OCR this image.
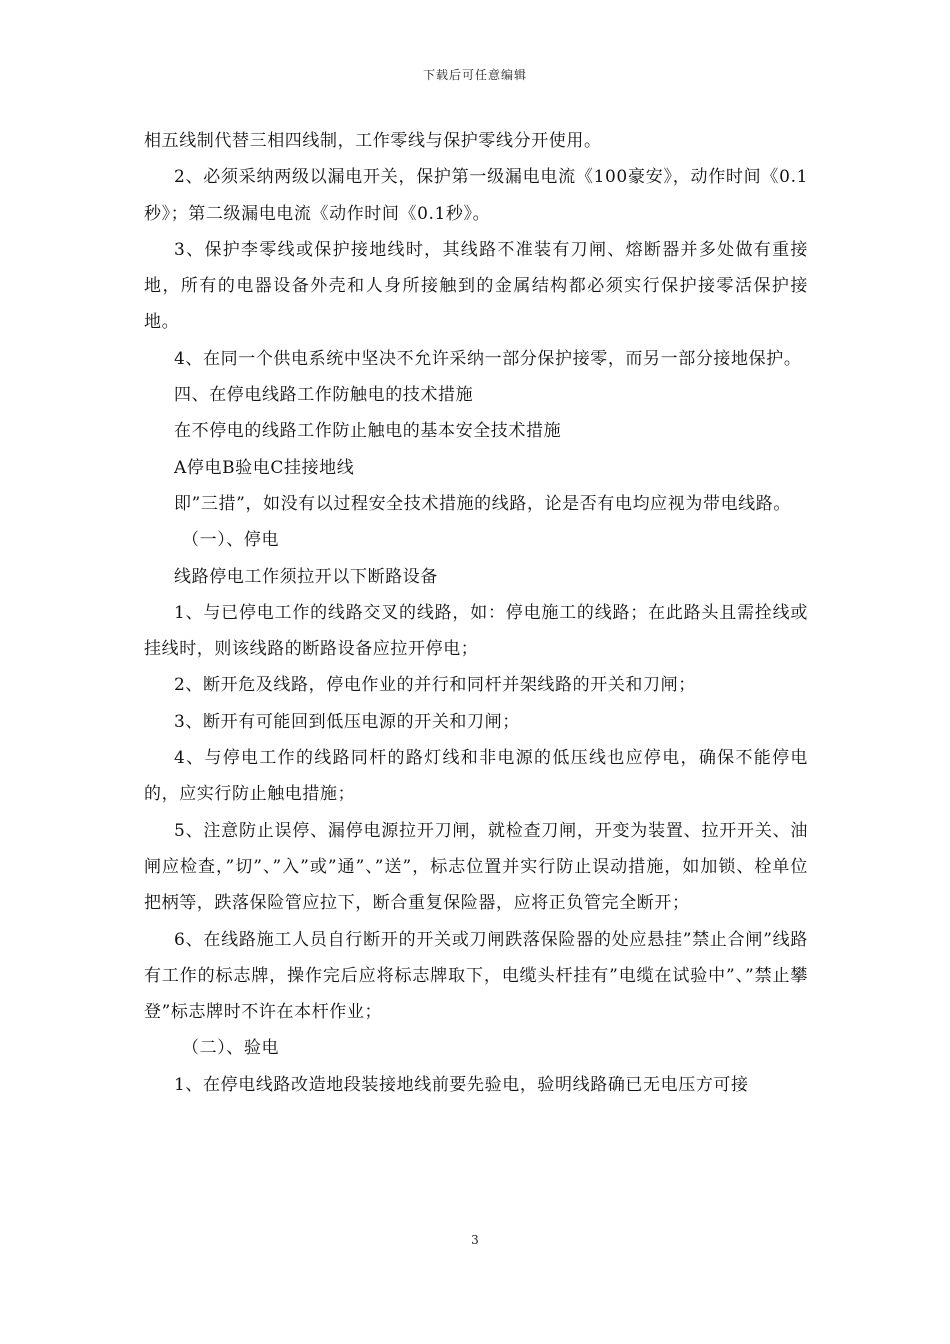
下载后可任意编辑

相五线制代替三相四线制，工作零线与保护零线分开使用。

2、必须采纳两级以漏电开关，保护第一级漏电电流《100豪安》，动作时间《0.1秒》；第二级漏电电流《动作时间《0.1秒》。

3、保护李零线或保护接地线时，其线路不准装有刀闸、熔断器并多处做有重接地，所有的电器设备外壳和人身所接触到的金属结构都必须实行保护接零活保护接地。

4、在同一个供电系统中坚决不允许采纳一部分保护接零，而另一部分接地保护。

四、在停电线路工作防触电的技术措施

在不停电的线路工作防止触电的基本安全技术措施

A停电B验电C挂接地线

即”三措”，如没有以过程安全技术措施的线路，论是否有电均应视为带电线路。

（一）、停电

线路停电工作须拉开以下断路设备

1、与已停电工作的线路交叉的线路，如：停电施工的线路；在此路头且需拴线或挂线时，则该线路的断路设备应拉开停电；

2、断开危及线路，停电作业的并行和同杆并架线路的开关和刀闸；

3、断开有可能回到低压电源的开关和刀闸；

4、与停电工作的线路同杆的路灯线和非电源的低压线也应停电，确保不能停电的，应实行防止触电措施；

5、注意防止误停、漏停电源拉开刀闸，就检查刀闸，开变为装置、拉开开关、油闸应检查，”切”、”入”或”通”、”送”，标志位置并实行防止误动措施，如加锁、栓单位把柄等，跌落保险管应拉下，断合重复保险器，应将正负管完全断开；

6、在线路施工人员自行断开的开关或刀闸跌落保险器的处应悬挂”禁止合闸”线路有工作的标志牌，操作完后应将标志牌取下，电缆头杆挂有”电缆在试验中”、”禁止攀登”标志牌时不许在本杆作业；

（二）、验电

1、在停电线路改造地段装接地线前要先验电，验明线路确已无电压方可接

3
